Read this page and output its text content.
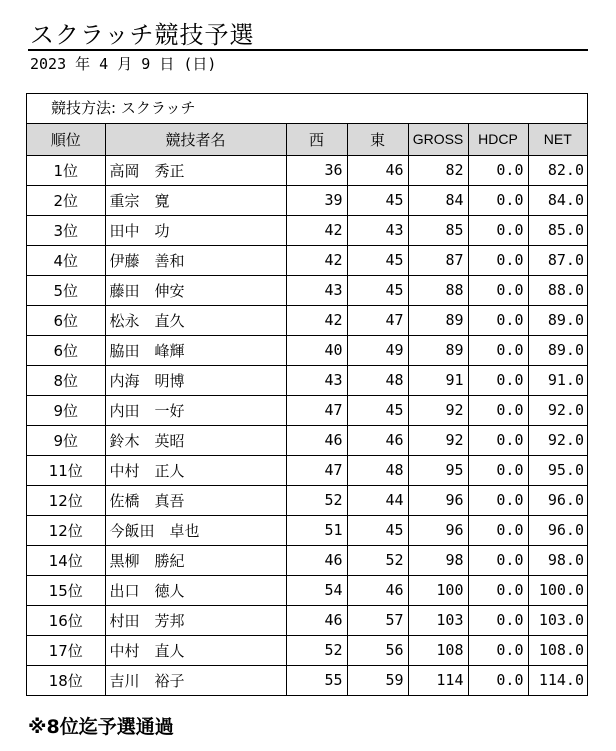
スクラッチ競技予選
2023 年 4 月 9 日 (日)
競技方法: スクラッチ
順位	競技者名	西	東	GROSS	HDCP	NET
1位	高岡　秀正	36	46	82	0.0	82.0
2位	重宗　寛	39	45	84	0.0	84.0
3位	田中　功	42	43	85	0.0	85.0
4位	伊藤　善和	42	45	87	0.0	87.0
5位	藤田　伸安	43	45	88	0.0	88.0
6位	松永　直久	42	47	89	0.0	89.0
6位	脇田　峰輝	40	49	89	0.0	89.0
8位	内海　明博	43	48	91	0.0	91.0
9位	内田　一好	47	45	92	0.0	92.0
9位	鈴木　英昭	46	46	92	0.0	92.0
11位	中村　正人	47	48	95	0.0	95.0
12位	佐橋　真吾	52	44	96	0.0	96.0
12位	今飯田　卓也	51	45	96	0.0	96.0
14位	黒柳　勝紀	46	52	98	0.0	98.0
15位	出口　徳人	54	46	100	0.0	100.0
16位	村田　芳邦	46	57	103	0.0	103.0
17位	中村　直人	52	56	108	0.0	108.0
18位	吉川　裕子	55	59	114	0.0	114.0
※8位迄予選通過
